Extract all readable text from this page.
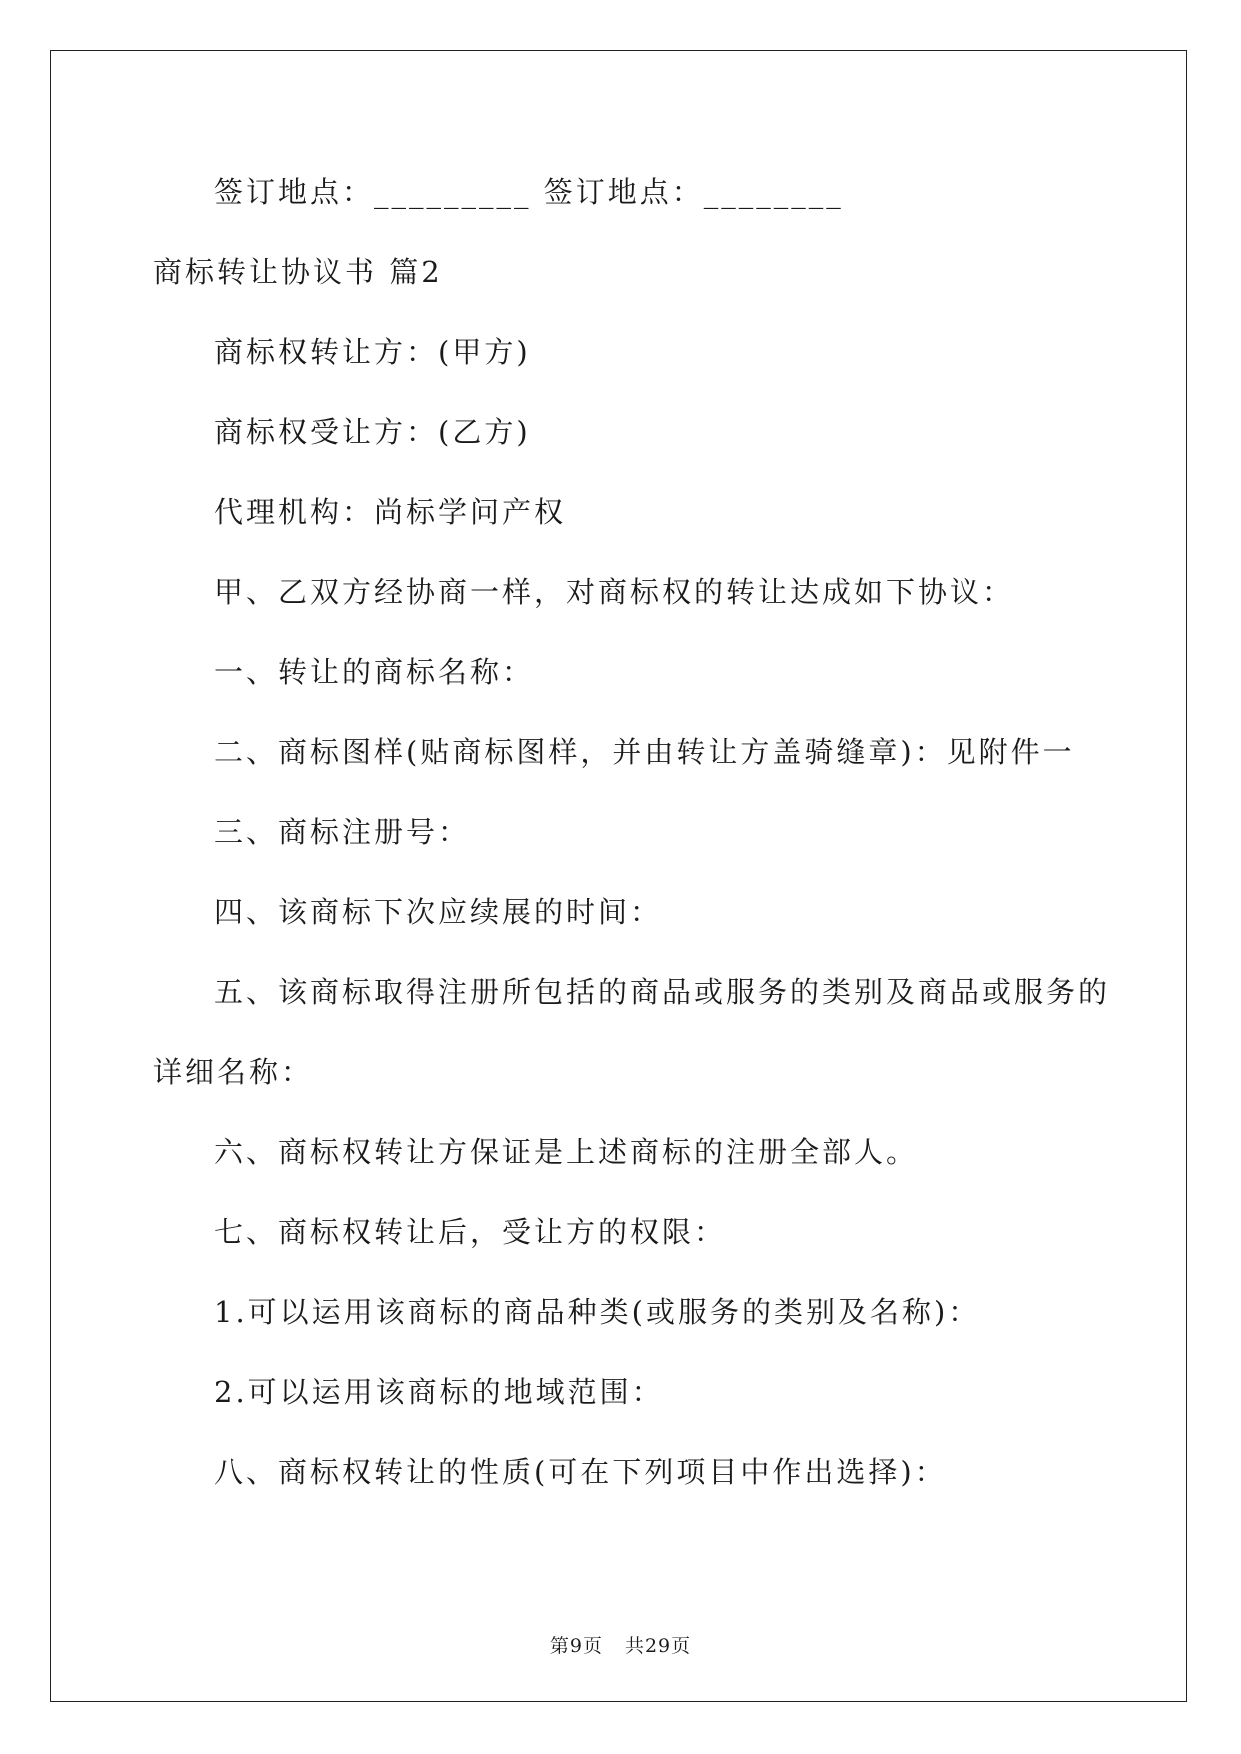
签订地点：_________ 签订地点：________
商标转让协议书 篇2
商标权转让方：(甲方)
商标权受让方：(乙方)
代理机构：尚标学问产权
甲、乙双方经协商一样，对商标权的转让达成如下协议：
一、转让的商标名称：
二、商标图样(贴商标图样，并由转让方盖骑缝章)：见附件一
三、商标注册号：
四、该商标下次应续展的时间：
五、该商标取得注册所包括的商品或服务的类别及商品或服务的
详细名称：
六、商标权转让方保证是上述商标的注册全部人。
七、商标权转让后，受让方的权限：
1.可以运用该商标的商品种类(或服务的类别及名称)：
2.可以运用该商标的地域范围：
八、商标权转让的性质(可在下列项目中作出选择)：
第9页 共29页
